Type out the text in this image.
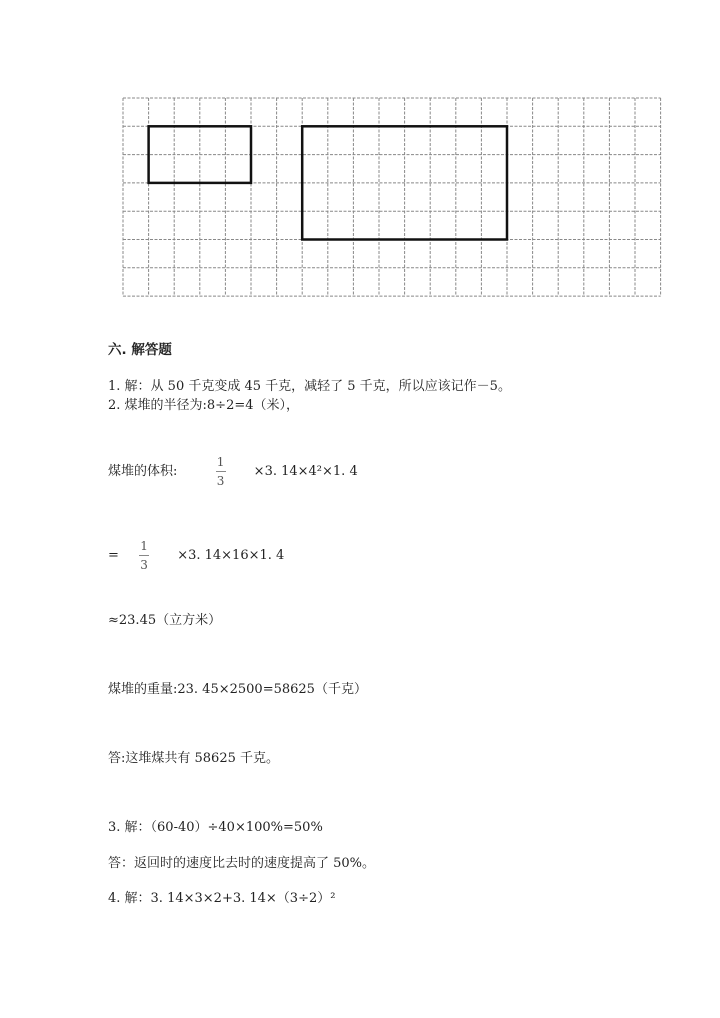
六. 解答题
1. 解：从 50 千克变成 45 千克，减轻了 5 千克，所以应该记作－5。
2. 煤堆的半径为:8÷2=4（米），
煤堆的体积:	$\frac{1}{3} \times 3$. 14×4²×1. 4
= $\frac{1}{3} \times 3$. 14×16×1. 4
≈23.45（立方米）
煤堆的重量:23. 45×2500=58625（千克）
答:这堆煤共有 58625 千克。
3. 解：（60-40）÷40×100%=50%
答：返回时的速度比去时的速度提高了 50%。
4. 解：3. 14×3×2+3. 14×（3÷2）²
